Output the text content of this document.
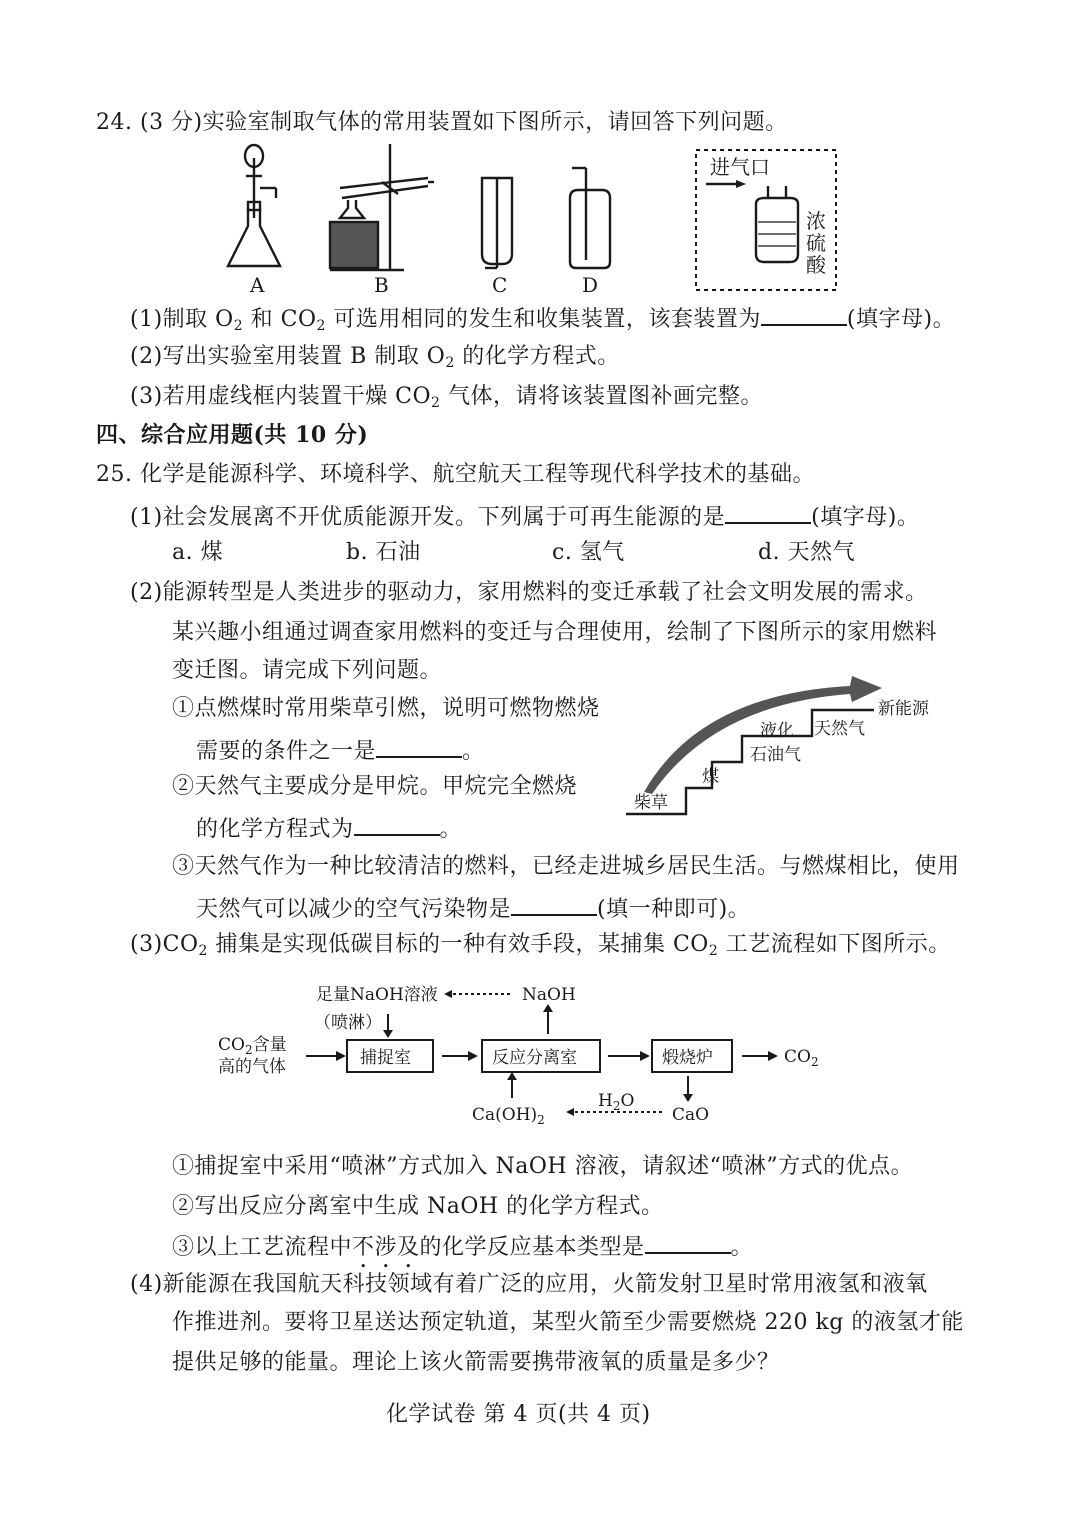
24. (3 分)实验室制取气体的常用装置如下图所示，请回答下列问题。
进气口
浓
硫
酸
A	B	C	D
(1)制取 $O_2$ 和 $CO_2$ 可选用相同的发生和收集装置，该套装置为	(填字母)。
(2)写出实验室用装置 B 制取 $O_2$ 的化学方程式。
(3)若用虚线框内装置干燥 $CO_2$ 气体，请将该装置图补画完整。
四、综合应用题(共 10 分)
25. 化学是能源科学、环境科学、航空航天工程等现代科学技术的基础。
(1)社会发展离不开优质能源开发。下列属于可再生能源的是	(填字母)。
a. 煤	b. 石油	c. 氢气	d. 天然气
(2)能源转型是人类进步的驱动力，家用燃料的变迁承载了社会文明发展的需求。
某兴趣小组通过调查家用燃料的变迁与合理使用，绘制了下图所示的家用燃料
变迁图。请完成下列问题。
①点燃煤时常用柴草引燃，说明可燃物燃烧
需要的条件之一是	。
②天然气主要成分是甲烷。甲烷完全燃烧
的化学方程式为	。
柴草
煤
液化
石油气
天然气
新能源
③天然气作为一种比较清洁的燃料，已经走进城乡居民生活。与燃煤相比，使用
天然气可以减少的空气污染物是	(填一种即可)。
$(3)CO_2$ 捕集是实现低碳目标的一种有效手段，某捕集 $CO_2$ 工艺流程如下图所示。
足量NaOH溶液
（喷淋）
NaOH
$CO_2$含量
高的气体	捕捉室	反应分离室	煅烧炉	$CO_2$
$Ca(OH)_2$
$H_2O$
CaO
①捕捉室中采用“喷淋”方式加入 NaOH 溶液，请叙述“喷淋”方式的优点。
②写出反应分离室中生成 NaOH 的化学方程式。
③以上工艺流程中不涉及的化学反应基本类型是	。
(4)新能源在我国航天科技领域有着广泛的应用，火箭发射卫星时常用液氢和液氧
作推进剂。要将卫星送达预定轨道，某型火箭至少需要燃烧 220 kg 的液氢才能
提供足够的能量。理论上该火箭需要携带液氧的质量是多少？
化学试卷 第 4 页(共 4 页)
